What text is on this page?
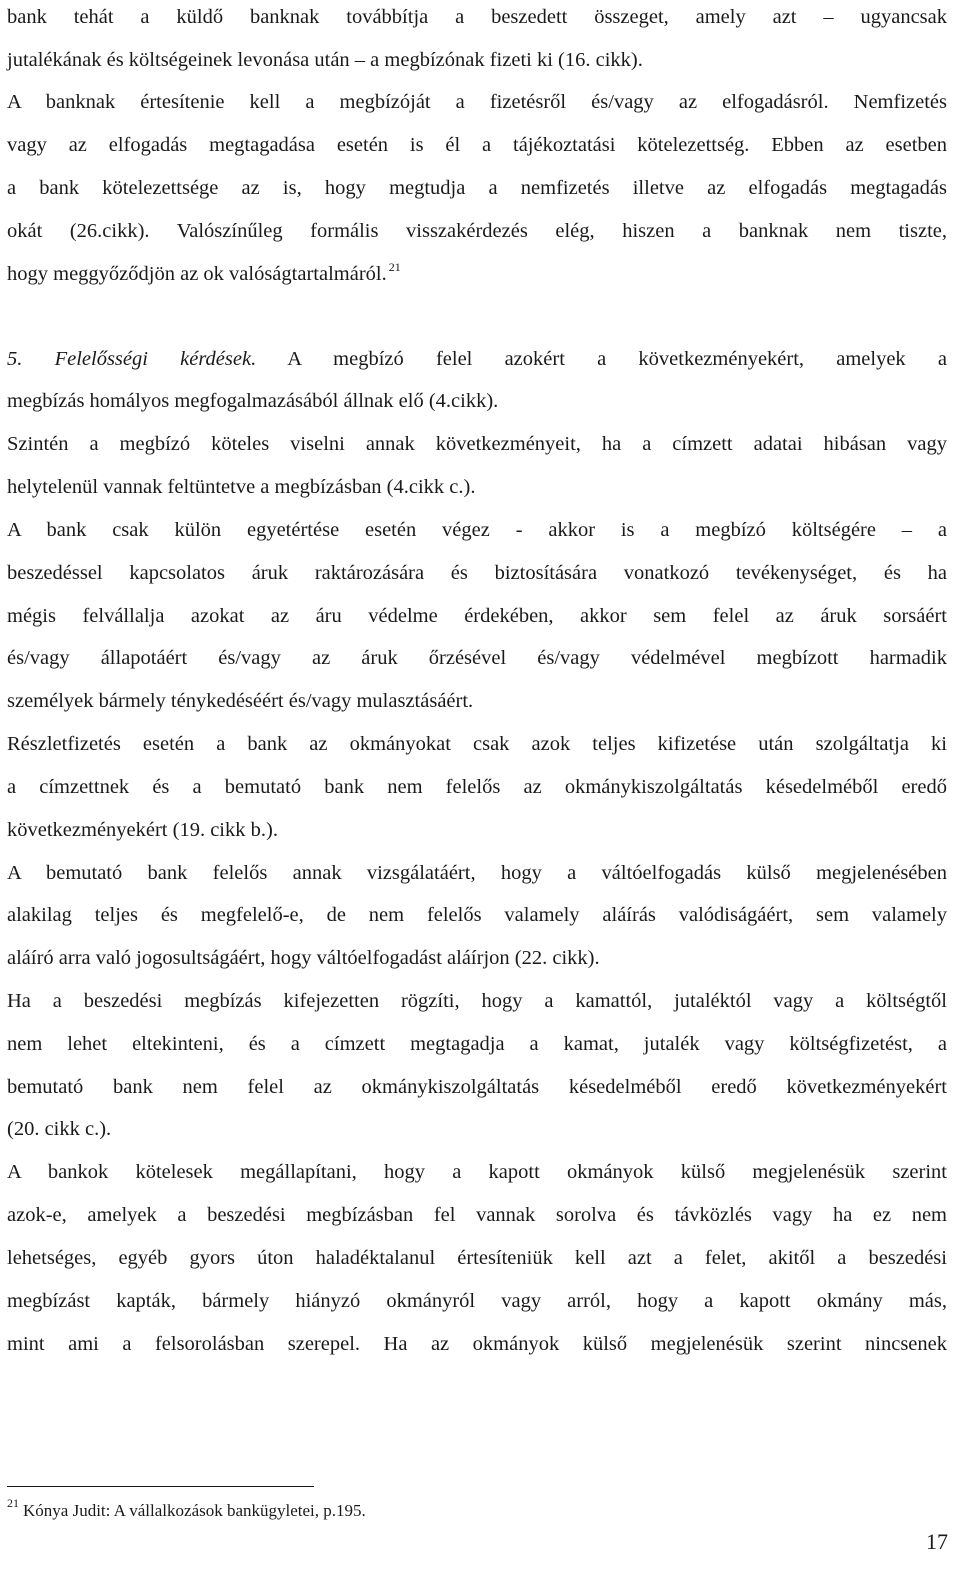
bank tehát a küldő banknak továbbítja a beszedett összeget, amely azt – ugyancsak
jutalékának és költségeinek levonása után – a megbízónak fizeti ki (16. cikk).
A banknak értesítenie kell a megbízóját a fizetésről és/vagy az elfogadásról. Nemfizetés
vagy az elfogadás megtagadása esetén is él a tájékoztatási kötelezettség. Ebben az esetben
a bank kötelezettsége az is, hogy megtudja a nemfizetés illetve az elfogadás megtagadás
okát (26.cikk). Valószínűleg formális visszakérdezés elég, hiszen a banknak nem tiszte,
hogy meggyőződjön az ok valóságtartalmáról. $^{21}$
5. Felelősségi kérdések. A megbízó felel azokért a következményekért, amelyek a
megbízás homályos megfogalmazásából állnak elő (4.cikk).
Szintén a megbízó köteles viselni annak következményeit, ha a címzett adatai hibásan vagy
helytelenül vannak feltüntetve a megbízásban (4.cikk c.).
A bank csak külön egyetértése esetén végez - akkor is a megbízó költségére – a
beszedéssel kapcsolatos áruk raktározására és biztosítására vonatkozó tevékenységet, és ha
mégis felvállalja azokat az áru védelme érdekében, akkor sem felel az áruk sorsáért
és/vagy állapotáért és/vagy az áruk őrzésével és/vagy védelmével megbízott harmadik
személyek bármely ténykedéséért és/vagy mulasztásáért.
Részletfizetés esetén a bank az okmányokat csak azok teljes kifizetése után szolgáltatja ki
a címzettnek és a bemutató bank nem felelős az okmánykiszolgáltatás késedelméből eredő
következményekért (19. cikk b.).
A bemutató bank felelős annak vizsgálatáért, hogy a váltóelfogadás külső megjelenésében
alakilag teljes és megfelelő-e, de nem felelős valamely aláírás valódiságáért, sem valamely
aláíró arra való jogosultságáért, hogy váltóelfogadást aláírjon (22. cikk).
Ha a beszedési megbízás kifejezetten rögzíti, hogy a kamattól, jutaléktól vagy a költségtől
nem lehet eltekinteni, és a címzett megtagadja a kamat, jutalék vagy költségfizetést, a
bemutató bank nem felel az okmánykiszolgáltatás késedelméből eredő következményekért
(20. cikk c.).
A bankok kötelesek megállapítani, hogy a kapott okmányok külső megjelenésük szerint
azok-e, amelyek a beszedési megbízásban fel vannak sorolva és távközlés vagy ha ez nem
lehetséges, egyéb gyors úton haladéktalanul értesíteniük kell azt a felet, akitől a beszedési
megbízást kapták, bármely hiányzó okmányról vagy arról, hogy a kapott okmány más,
mint ami a felsorolásban szerepel. Ha az okmányok külső megjelenésük szerint nincsenek
$^{21}$ Kónya Judit: A vállalkozások bankügyletei, p.195.
17
